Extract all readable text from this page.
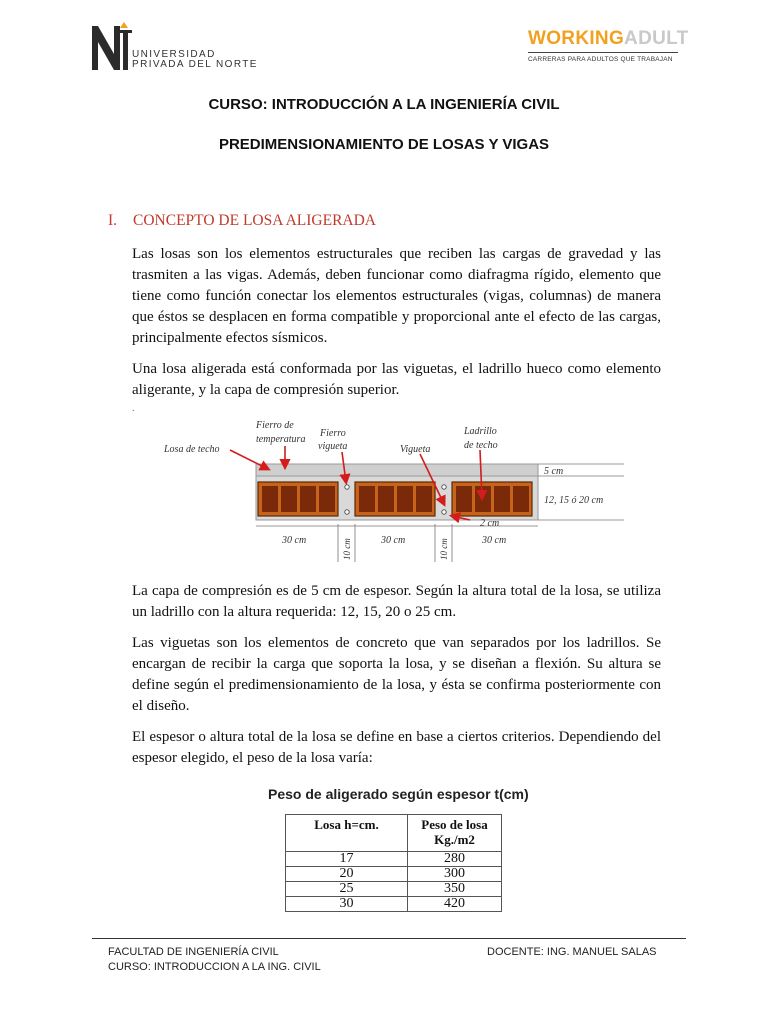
UNIVERSIDAD
PRIVADA DEL NORTE
WORKINGADULT
CARRERAS PARA ADULTOS QUE TRABAJAN
CURSO: INTRODUCCIÓN A LA INGENIERÍA CIVIL
PREDIMENSIONAMIENTO DE LOSAS Y VIGAS
I. CONCEPTO DE LOSA ALIGERADA
Las losas son los elementos estructurales que reciben las cargas de gravedad y las trasmiten a las vigas. Además, deben funcionar como diafragma rígido, elemento que tiene como función conectar los elementos estructurales (vigas, columnas) de manera que éstos se desplacen en forma compatible y proporcional ante el efecto de las cargas, principalmente efectos sísmicos.
Una losa aligerada está conformada por las viguetas, el ladrillo hueco como elemento aligerante, y la capa de compresión superior.
.
Losa de techo
Fierro de
temperatura
Fierro
vigueta	Vigueta
Ladrillo
de techo
5 cm
12, 15 ó 20 cm
2 cm
30 cm	30 cm	30 cm
10 cm	10 cm
La capa de compresión es de 5 cm de espesor. Según la altura total de la losa, se utiliza un ladrillo con la altura requerida: 12, 15, 20 o 25 cm.
Las viguetas son los elementos de concreto que van separados por los ladrillos. Se encargan de recibir la carga que soporta la losa, y se diseñan a flexión. Su altura se define según el predimensionamiento de la losa, y ésta se confirma posteriormente con el diseño.
El espesor o altura total de la losa se define en base a ciertos criterios. Dependiendo del espesor elegido, el peso de la losa varía:
Peso de aligerado según espesor t(cm)
Losa h=cm.	Peso de losa Kg./m2
17	280
20	300
25	350
30	420
FACULTAD DE INGENIERÍA CIVIL
CURSO: INTRODUCCION A LA ING. CIVIL
DOCENTE: ING. MANUEL SALAS
